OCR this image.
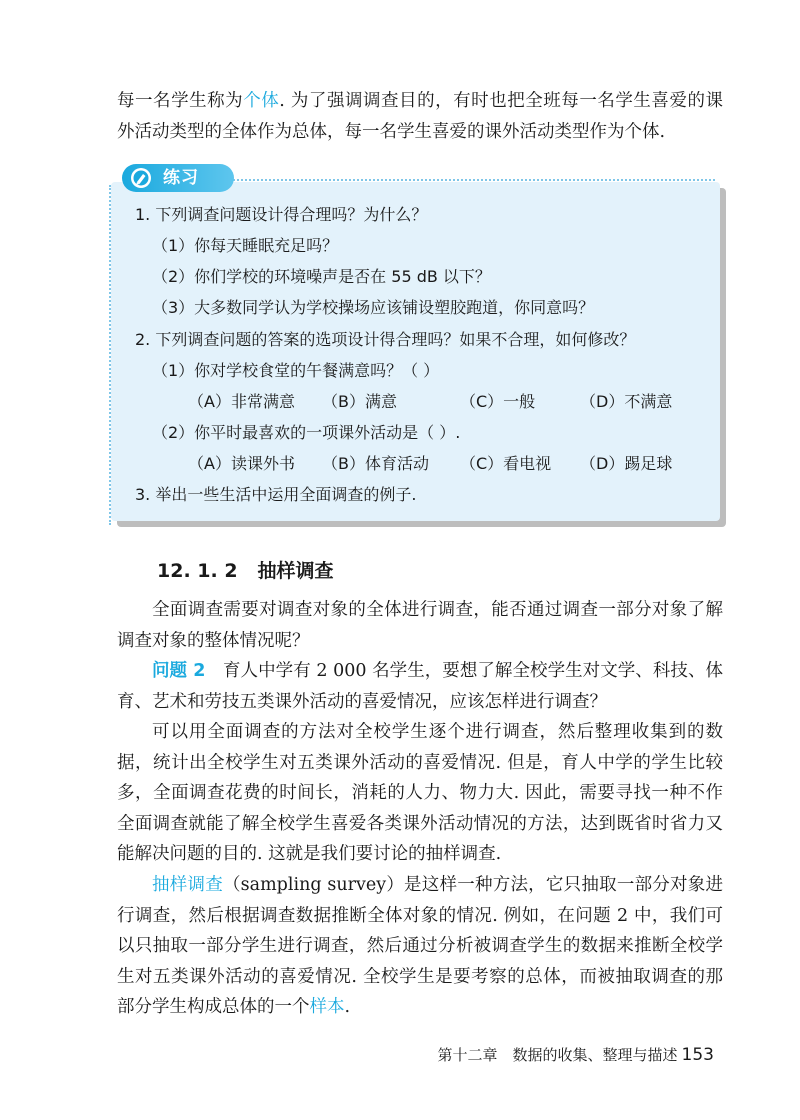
每一名学生称为个体. 为了强调调查目的，有时也把全班每一名学生喜爱的课外活动类型的全体作为总体，每一名学生喜爱的课外活动类型作为个体.
练习
1. 下列调查问题设计得合理吗？为什么？
（1）你每天睡眠充足吗？
（2）你们学校的环境噪声是否在 55 dB 以下？
（3）大多数同学认为学校操场应该铺设塑胶跑道，你同意吗？
2. 下列调查问题的答案的选项设计得合理吗？如果不合理，如何修改？
（1）你对学校食堂的午餐满意吗？（ ）
（A）非常满意 （B）满意	（C）一般	（D）不满意
（2）你平时最喜欢的一项课外活动是（ ）.
（A）读课外书 （B）体育活动 （C）看电视 （D）踢足球
3. 举出一些生活中运用全面调查的例子.
12. 1. 2 抽样调查
全面调查需要对调查对象的全体进行调查，能否通过调查一部分对象了解调查对象的整体情况呢？
问题 2　 育人中学有 2 000 名学生，要想了解全校学生对文学、科技、体育、艺术和劳技五类课外活动的喜爱情况，应该怎样进行调查？
可以用全面调查的方法对全校学生逐个进行调查，然后整理收集到的数据，统计出全校学生对五类课外活动的喜爱情况. 但是，育人中学的学生比较多，全面调查花费的时间长，消耗的人力、物力大. 因此，需要寻找一种不作全面调查就能了解全校学生喜爱各类课外活动情况的方法，达到既省时省力又能解决问题的目的. 这就是我们要讨论的抽样调查.
抽样调查（sampling survey）是这样一种方法，它只抽取一部分对象进行调查，然后根据调查数据推断全体对象的情况. 例如，在问题 2 中，我们可以只抽取一部分学生进行调查，然后通过分析被调查学生的数据来推断全校学生对五类课外活动的喜爱情况. 全校学生是要考察的总体，而被抽取调查的那部分学生构成总体的一个样本.
第十二章　数据的收集、整理与描述 153
